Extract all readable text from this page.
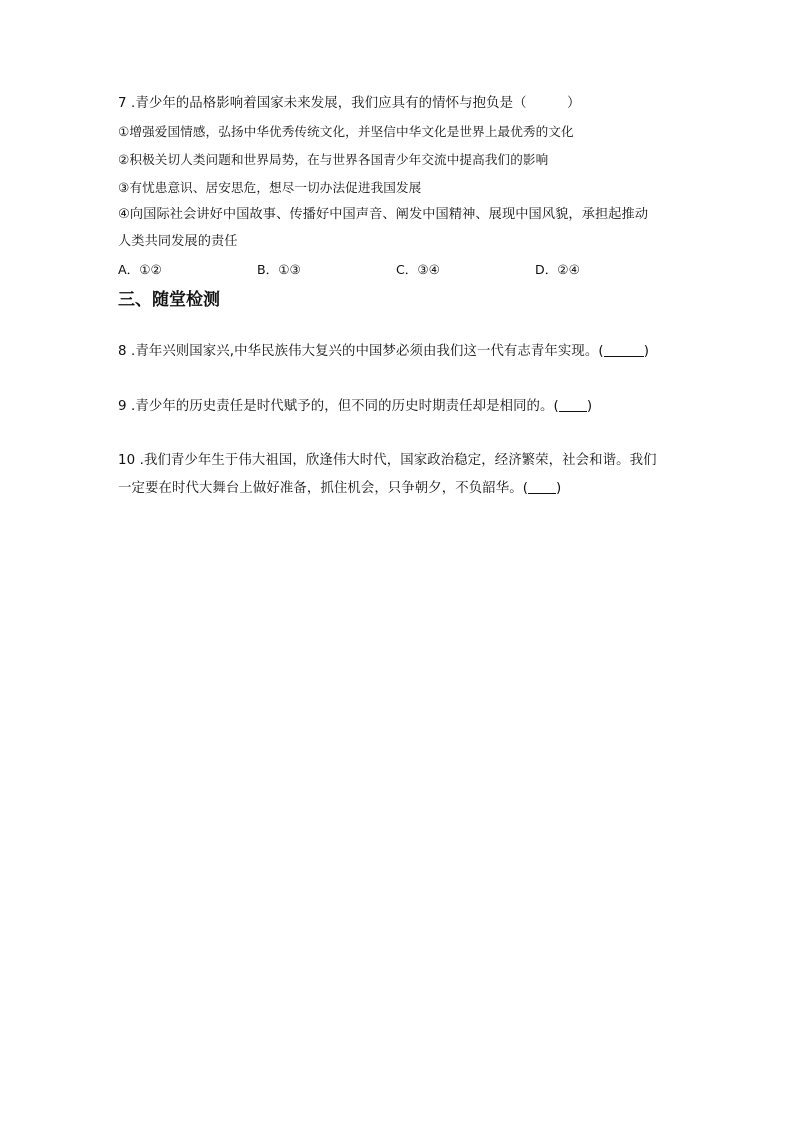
7 .青少年的品格影响着国家未来发展，我们应具有的情怀与抱负是（　　　）
①增强爱国情感，弘扬中华优秀传统文化，并坚信中华文化是世界上最优秀的文化
②积极关切人类问题和世界局势，在与世界各国青少年交流中提高我们的影响
③有忧患意识、居安思危，想尽一切办法促进我国发展
④向国际社会讲好中国故事、传播好中国声音、阐发中国精神、展现中国风貌，承担起推动
人类共同发展的责任
A．①②	B．①③	C．③④	D．②④
三、随堂检测
8 .青年兴则国家兴,中华民族伟大复兴的中国梦必须由我们这一代有志青年实现。(	)
9 .青少年的历史责任是时代赋予的，但不同的历史时期责任却是相同的。( )
10 .我们青少年生于伟大祖国，欣逢伟大时代，国家政治稳定，经济繁荣，社会和谐。我们
一定要在时代大舞台上做好准备，抓住机会，只争朝夕，不负韶华。( )
